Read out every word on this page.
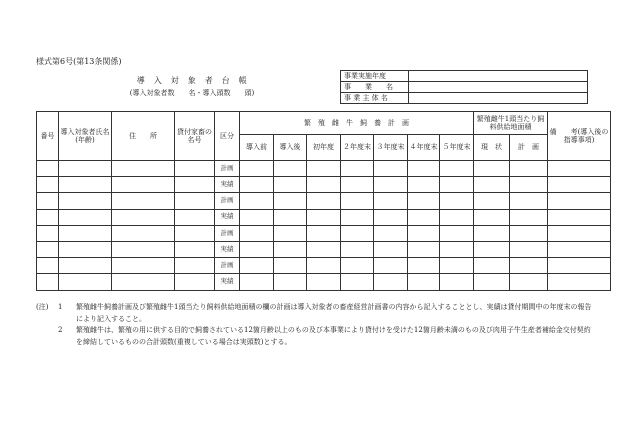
様式第6号(第13条関係)
導　入　対　象　者　台　帳
(導入対象者数　　名・導入頭数　　頭)
事業実施年度	
事　　業　　名	
事 業 主 体 名	
番号	導入対象者氏名(年齢)	住　　所	貸付家畜の名号	区分	繁　殖　雌　牛　飼　養　計　画							繁殖雌牛1頭当たり飼料供給地面積		備　　考(導入後の指導事項)
					導入前	導入後	初年度	２年度末	３年度末	４年度末	５年度末	現　状	計　画	
				計画										
				実績										
				計画										
				実績										
				計画										
				実績										
				計画										
				実績										
(注)	1	繁殖雌牛飼養計画及び繁殖雌牛1頭当たり飼料供給地面積の欄の計画は導入対象者の畜産経営計画書の内容から記入することとし、実績は貸付期間中の年度末の報告により記入すること。
2	繁殖雌牛は、繁殖の用に供する目的で飼養されている12箇月齢以上のもの及び本事業により貸付けを受けた12箇月齢未満のもの及び肉用子牛生産者補給金交付契約を締結しているものの合計頭数(重複している場合は実頭数)とする。
